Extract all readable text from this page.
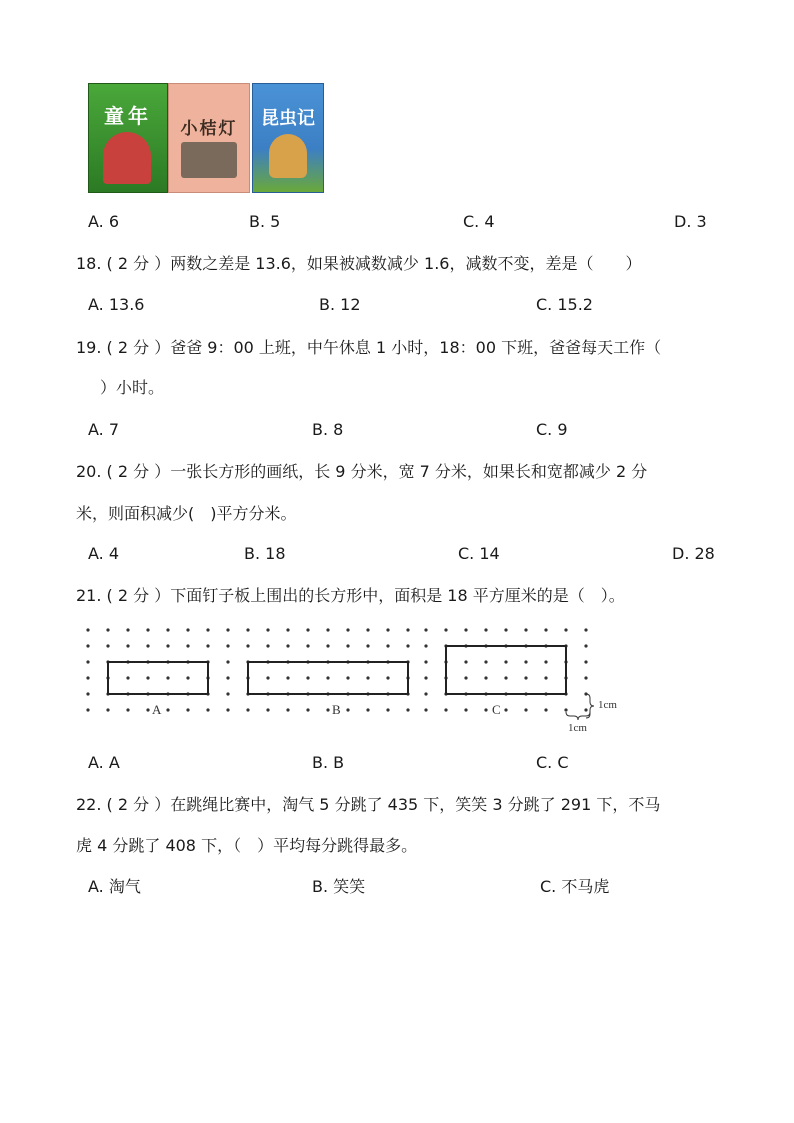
童年
小桔灯	昆虫记
A. 6	B. 5	C. 4	D. 3
18. ( 2 分 ）两数之差是 13.6，如果被减数减少 1.6，减数不变，差是（　　）
A. 13.6	B. 12	C. 15.2
19. ( 2 分 ）爸爸 9：00 上班，中午休息 1 小时，18：00 下班，爸爸每天工作（
）小时。
A. 7	B. 8	C. 9
20. ( 2 分 ）一张长方形的画纸，长 9 分米，宽 7 分米，如果长和宽都减少 2 分
米，则面积减少(　)平方分米。
A. 4	B. 18	C. 14	D. 28
21. ( 2 分 ）下面钉子板上围出的长方形中，面积是 18 平方厘米的是（　）。
A	B	C	1cm
1cm
A. A	B. B	C. C
22. ( 2 分 ）在跳绳比赛中，淘气 5 分跳了 435 下，笑笑 3 分跳了 291 下，不马
虎 4 分跳了 408 下，（　）平均每分跳得最多。
A. 淘气	B. 笑笑	C. 不马虎
